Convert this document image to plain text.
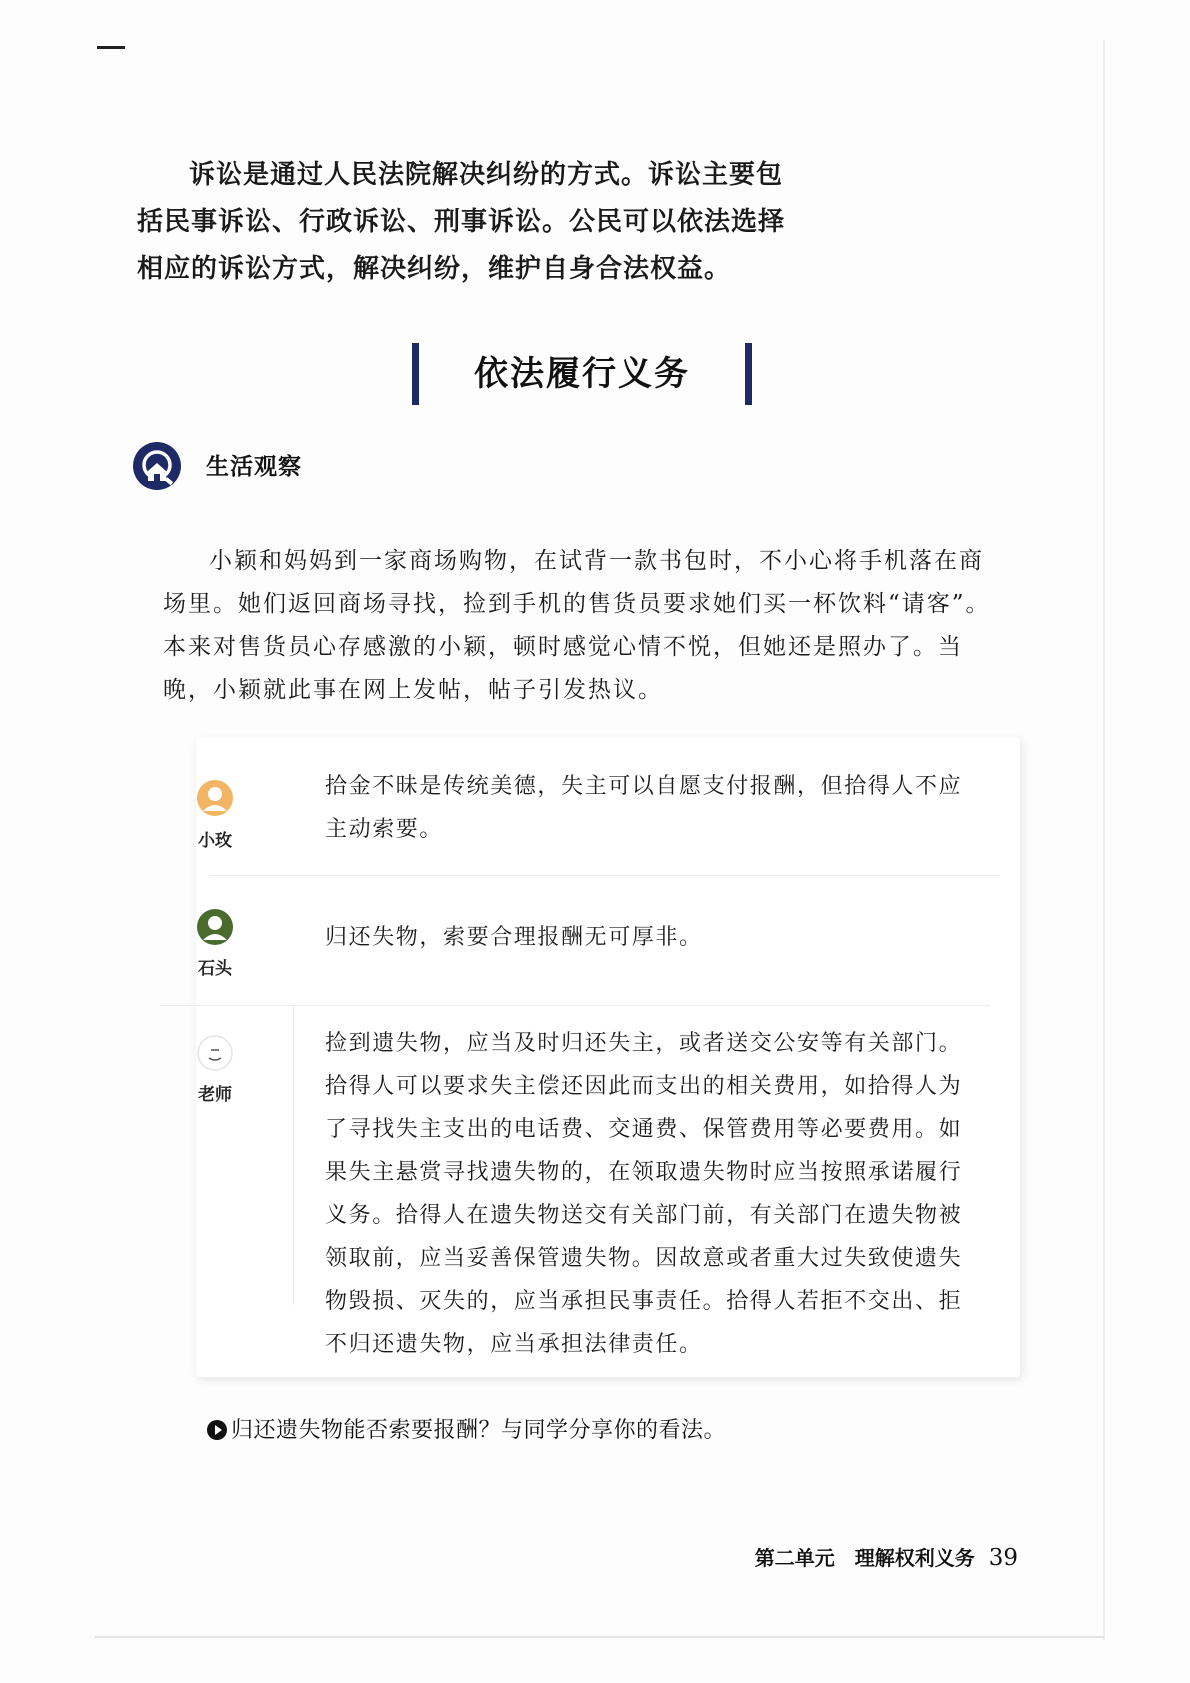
诉讼是通过人民法院解决纠纷的方式。诉讼主要包括民事诉讼、行政诉讼、刑事诉讼。公民可以依法选择相应的诉讼方式，解决纠纷，维护自身合法权益。

依法履行义务
生活观察

小颖和妈妈到一家商场购物，在试背一款书包时，不小心将手机落在商场里。她们返回商场寻找，捡到手机的售货员要求她们买一杯饮料“请客”。本来对售货员心存感激的小颖，顿时感觉心情不悦，但她还是照办了。当晚，小颖就此事在网上发帖，帖子引发热议。

小玫

拾金不昧是传统美德，失主可以自愿支付报酬，但拾得人不应主动索要。

石头

归还失物，索要合理报酬无可厚非。

老师

捡到遗失物，应当及时归还失主，或者送交公安等有关部门。拾得人可以要求失主偿还因此而支出的相关费用，如拾得人为了寻找失主支出的电话费、交通费、保管费用等必要费用。如果失主悬赏寻找遗失物的，在领取遗失物时应当按照承诺履行义务。拾得人在遗失物送交有关部门前，有关部门在遗失物被领取前，应当妥善保管遗失物。因故意或者重大过失致使遗失物毁损、灭失的，应当承担民事责任。拾得人若拒不交出、拒不归还遗失物，应当承担法律责任。

归还遗失物能否索要报酬？与同学分享你的看法。
第二单元 理解权利义务 39
